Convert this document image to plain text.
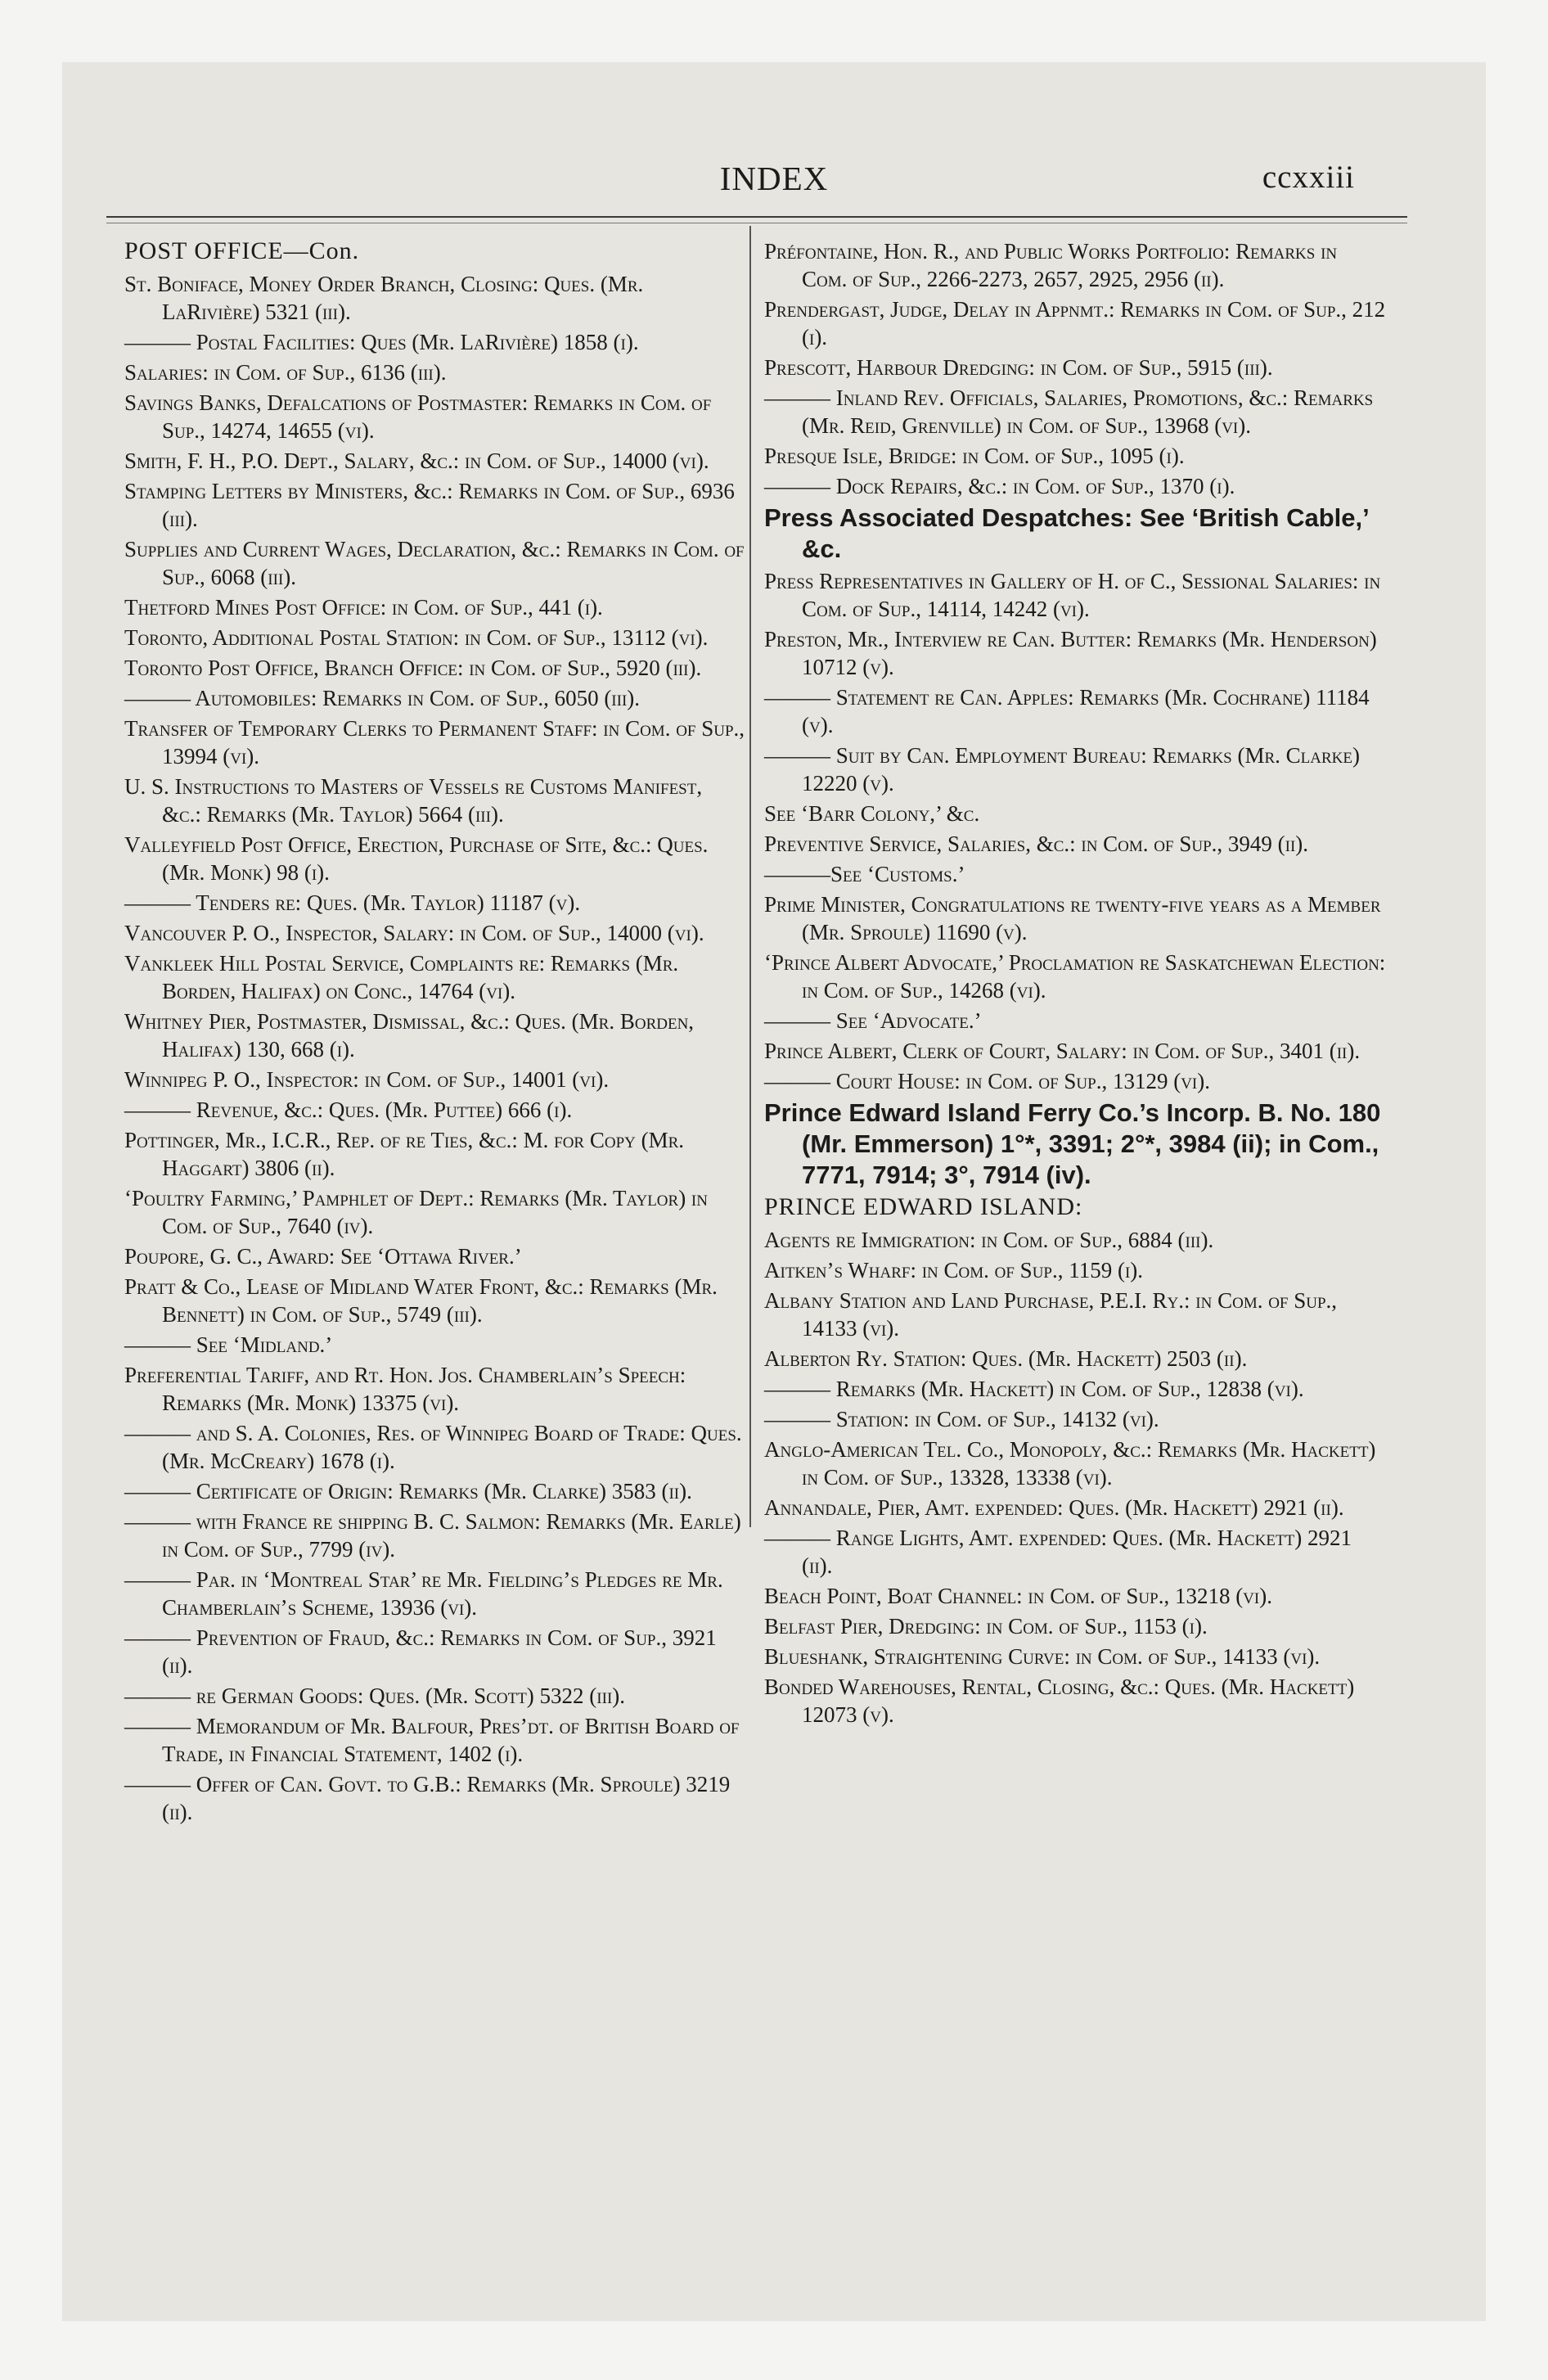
INDEX	ccxxiii
POST OFFICE—Con.
St. Boniface, Money Order Branch, Closing: Ques. (Mr. LaRivière) 5321 (iii).
——— Postal Facilities: Ques (Mr. LaRivière) 1858 (i).
Salaries: in Com. of Sup., 6136 (iii).
Savings Banks, Defalcations of Postmaster: Remarks in Com. of Sup., 14274, 14655 (vi).
Smith, F. H., P.O. Dept., Salary, &c.: in Com. of Sup., 14000 (vi).
Stamping Letters by Ministers, &c.: Remarks in Com. of Sup., 6936 (iii).
Supplies and Current Wages, Declaration, &c.: Remarks in Com. of Sup., 6068 (iii).
Thetford Mines Post Office: in Com. of Sup., 441 (i).
Toronto, Additional Postal Station: in Com. of Sup., 13112 (vi).
Toronto Post Office, Branch Office: in Com. of Sup., 5920 (iii).
——— Automobiles: Remarks in Com. of Sup., 6050 (iii).
Transfer of Temporary Clerks to Permanent Staff: in Com. of Sup., 13994 (vi).
U. S. Instructions to Masters of Vessels re Customs Manifest, &c.: Remarks (Mr. Taylor) 5664 (iii).
Valleyfield Post Office, Erection, Purchase of Site, &c.: Ques. (Mr. Monk) 98 (i).
——— Tenders re: Ques. (Mr. Taylor) 11187 (v).
Vancouver P. O., Inspector, Salary: in Com. of Sup., 14000 (vi).
Vankleek Hill Postal Service, Complaints re: Remarks (Mr. Borden, Halifax) on Conc., 14764 (vi).
Whitney Pier, Postmaster, Dismissal, &c.: Ques. (Mr. Borden, Halifax) 130, 668 (i).
Winnipeg P. O., Inspector: in Com. of Sup., 14001 (vi).
——— Revenue, &c.: Ques. (Mr. Puttee) 666 (i).
Pottinger, Mr., I.C.R., Rep. of re Ties, &c.: M. for Copy (Mr. Haggart) 3806 (ii).
‘Poultry Farming,’ Pamphlet of Dept.: Remarks (Mr. Taylor) in Com. of Sup., 7640 (iv).
Poupore, G. C., Award: See ‘Ottawa River.’
Pratt & Co., Lease of Midland Water Front, &c.: Remarks (Mr. Bennett) in Com. of Sup., 5749 (iii).
——— See ‘Midland.’
Preferential Tariff, and Rt. Hon. Jos. Chamberlain’s Speech: Remarks (Mr. Monk) 13375 (vi).
——— and S. A. Colonies, Res. of Winnipeg Board of Trade: Ques. (Mr. McCreary) 1678 (i).
——— Certificate of Origin: Remarks (Mr. Clarke) 3583 (ii).
——— with France re shipping B. C. Salmon: Remarks (Mr. Earle) in Com. of Sup., 7799 (iv).
——— Par. in ‘Montreal Star’ re Mr. Fielding’s Pledges re Mr. Chamberlain’s Scheme, 13936 (vi).
——— Prevention of Fraud, &c.: Remarks in Com. of Sup., 3921 (ii).
——— re German Goods: Ques. (Mr. Scott) 5322 (iii).
——— Memorandum of Mr. Balfour, Pres’dt. of British Board of Trade, in Financial Statement, 1402 (i).
——— Offer of Can. Govt. to G.B.: Remarks (Mr. Sproule) 3219 (ii).
Préfontaine, Hon. R., and Public Works Portfolio: Remarks in Com. of Sup., 2266-2273, 2657, 2925, 2956 (ii).
Prendergast, Judge, Delay in Appnmt.: Remarks in Com. of Sup., 212 (i).
Prescott, Harbour Dredging: in Com. of Sup., 5915 (iii).
——— Inland Rev. Officials, Salaries, Promotions, &c.: Remarks (Mr. Reid, Grenville) in Com. of Sup., 13968 (vi).
Presque Isle, Bridge: in Com. of Sup., 1095 (i).
——— Dock Repairs, &c.: in Com. of Sup., 1370 (i).
Press Associated Despatches: See ‘British Cable,’ &c.
Press Representatives in Gallery of H. of C., Sessional Salaries: in Com. of Sup., 14114, 14242 (vi).
Preston, Mr., Interview re Can. Butter: Remarks (Mr. Henderson) 10712 (v).
——— Statement re Can. Apples: Remarks (Mr. Cochrane) 11184 (v).
——— Suit by Can. Employment Bureau: Remarks (Mr. Clarke) 12220 (v).
See ‘Barr Colony,’ &c.
Preventive Service, Salaries, &c.: in Com. of Sup., 3949 (ii).
———See ‘Customs.’
Prime Minister, Congratulations re twenty-five years as a Member (Mr. Sproule) 11690 (v).
‘Prince Albert Advocate,’ Proclamation re Saskatchewan Election: in Com. of Sup., 14268 (vi).
——— See ‘Advocate.’
Prince Albert, Clerk of Court, Salary: in Com. of Sup., 3401 (ii).
——— Court House: in Com. of Sup., 13129 (vi).
Prince Edward Island Ferry Co.’s Incorp. B. No. 180 (Mr. Emmerson) 1°*, 3391; 2°*, 3984 (ii); in Com., 7771, 7914; 3°, 7914 (iv).
PRINCE EDWARD ISLAND:
Agents re Immigration: in Com. of Sup., 6884 (iii).
Aitken’s Wharf: in Com. of Sup., 1159 (i).
Albany Station and Land Purchase, P.E.I. Ry.: in Com. of Sup., 14133 (vi).
Alberton Ry. Station: Ques. (Mr. Hackett) 2503 (ii).
——— Remarks (Mr. Hackett) in Com. of Sup., 12838 (vi).
——— Station: in Com. of Sup., 14132 (vi).
Anglo-American Tel. Co., Monopoly, &c.: Remarks (Mr. Hackett) in Com. of Sup., 13328, 13338 (vi).
Annandale, Pier, Amt. expended: Ques. (Mr. Hackett) 2921 (ii).
——— Range Lights, Amt. expended: Ques. (Mr. Hackett) 2921 (ii).
Beach Point, Boat Channel: in Com. of Sup., 13218 (vi).
Belfast Pier, Dredging: in Com. of Sup., 1153 (i).
Blueshank, Straightening Curve: in Com. of Sup., 14133 (vi).
Bonded Warehouses, Rental, Closing, &c.: Ques. (Mr. Hackett) 12073 (v).
